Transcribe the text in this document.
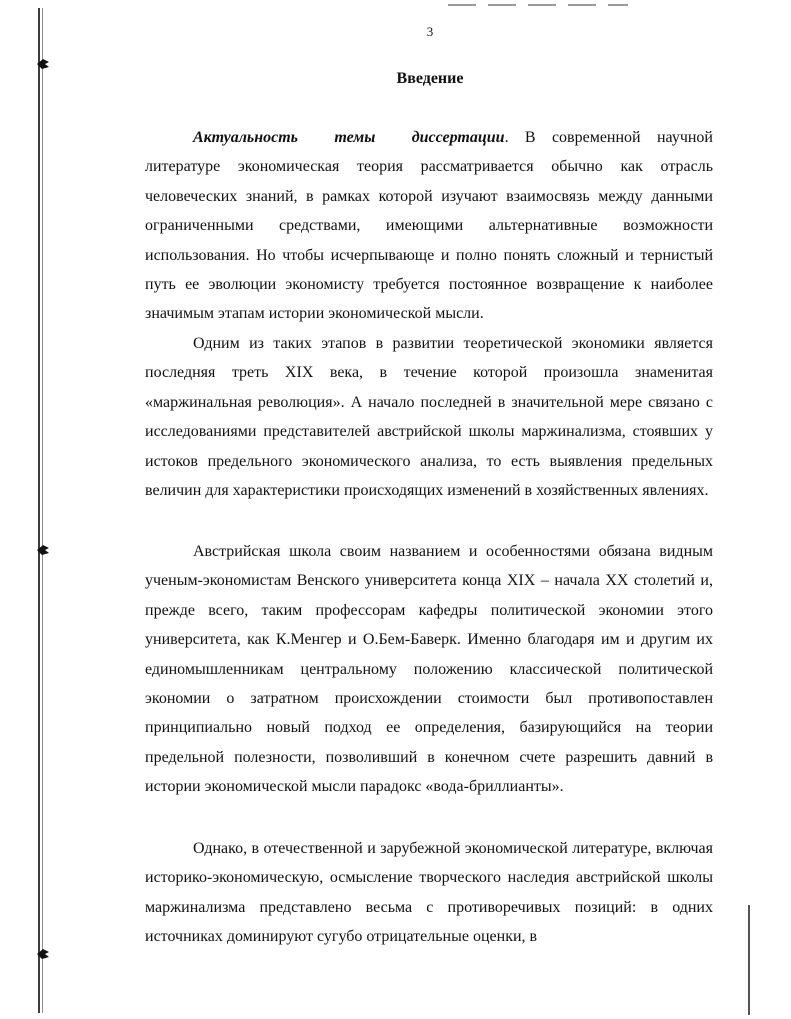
3
Введение

Актуальность темы диссертации. В современной научной литературе экономическая теория рассматривается обычно как отрасль человеческих знаний, в рамках которой изучают взаимосвязь между данными ограниченными средствами, имеющими альтернативные возможности использования. Но чтобы исчерпывающе и полно понять сложный и тернистый путь ее эволюции экономисту требуется постоянное возвращение к наиболее значимым этапам истории экономической мысли.

Одним из таких этапов в развитии теоретической экономики является последняя треть XIX века, в течение которой произошла знаменитая «маржинальная революция». А начало последней в значительной мере связано с исследованиями представителей австрийской школы маржинализма, стоявших у истоков предельного экономического анализа, то есть выявления предельных величин для характеристики происходящих изменений в хозяйственных явлениях.

Австрийская школа своим названием и особенностями обязана видным ученым-экономистам Венского университета конца XIX – начала XX столетий и, прежде всего, таким профессорам кафедры политической экономии этого университета, как К.Менгер и О.Бем-Баверк. Именно благодаря им и другим их единомышленникам центральному положению классической политической экономии о затратном происхождении стоимости был противопоставлен принципиально новый подход ее определения, базирующийся на теории предельной полезности, позволивший в конечном счете разрешить давний в истории экономической мысли парадокс «вода-бриллианты».

Однако, в отечественной и зарубежной экономической литературе, включая историко-экономическую, осмысление творческого наследия австрийской школы маржинализма представлено весьма с противоречивых позиций: в одних источниках доминируют сугубо отрицательные оценки, в
